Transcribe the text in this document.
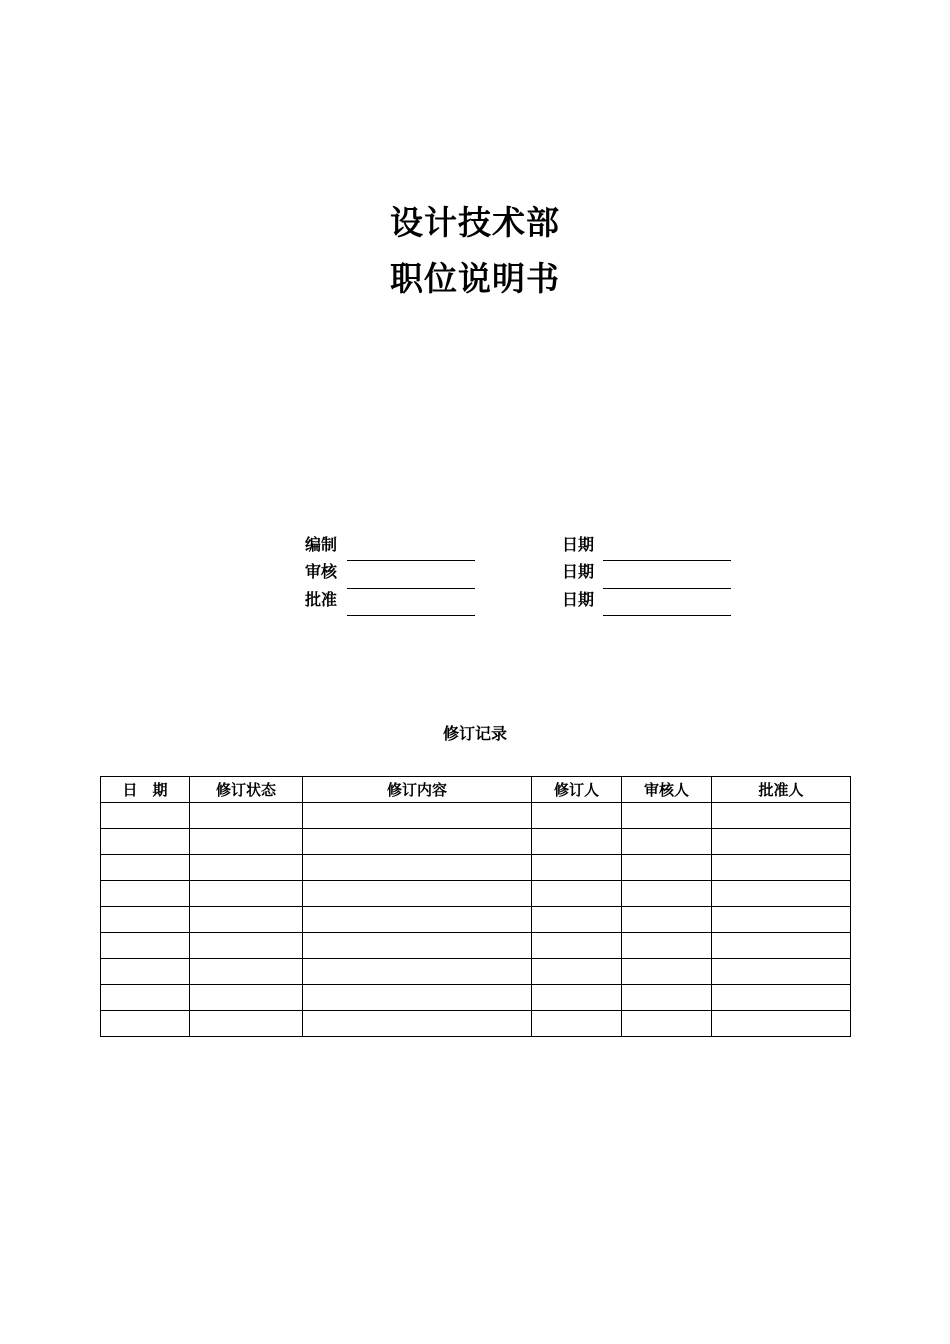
设计技术部
职位说明书
编制	日期
审核	日期
批准	日期
修订记录
日　期	修订状态	修订内容	修订人	审核人	批准人
